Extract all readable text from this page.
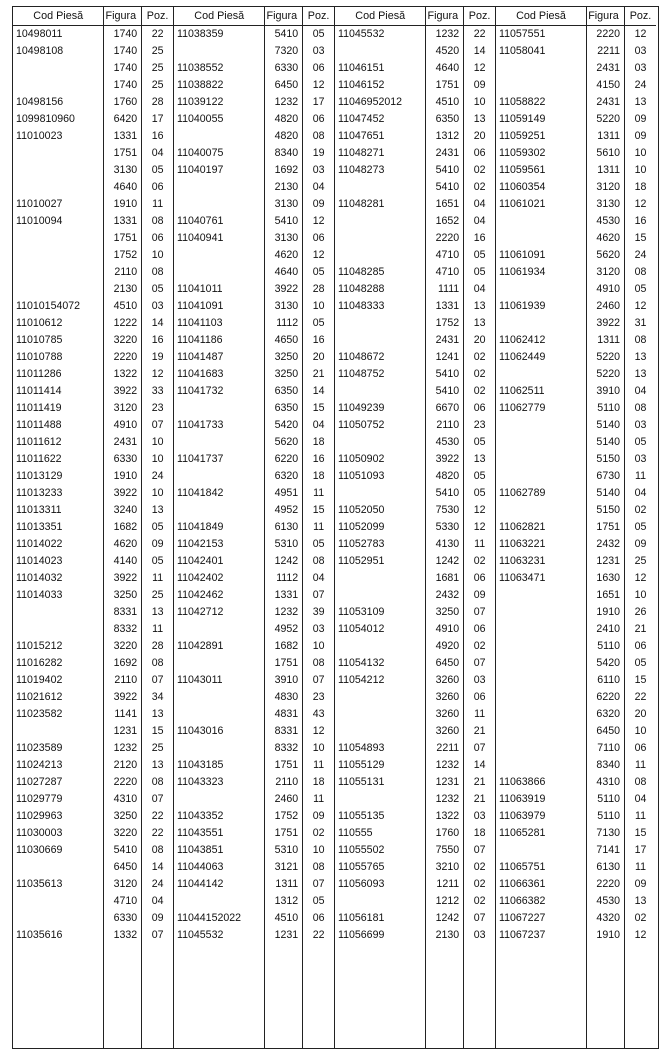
Cod Piesă	Figura Poz.
10498011	1740	22
10498108	1740	25
1740	25
1740	25
10498156	1760	28
1099810960	6420	17
11010023	1331	16
1751	04
3130	05
4640	06
11010027	1910	11
11010094	1331	08
1751	06
1752	10
2110	08
2130	05
11010154072	4510	03
11010612	1222	14
11010785	3220	16
11010788	2220	19
11011286	1322	12
11011414	3922	33
11011419	3120	23
11011488	4910	07
11011612	2431	10
11011622	6330	10
11013129	1910	24
11013233	3922	10
11013311	3240	13
11013351	1682	05
11014022	4620	09
11014023	4140	05
11014032	3922	11
11014033	3250	25
8331	13
8332	11
11015212	3220	28
11016282	1692	08
11019402	2110	07
11021612	3922	34
11023582	1141	13
1231	15
11023589	1232	25
11024213	2120	13
11027287	2220	08
11029779	4310	07
11029963	3250	22
11030003	3220	22
11030669	5410	08
6450	14
11035613	3120	24
4710	04
6330	09
11035616	1332	07
Cod Piesă	Figura Poz.
11038359	5410	05
7320	03
11038552	6330	06
11038822	6450	12
11039122	1232	17
11040055	4820	06
4820	08
11040075	8340	19
11040197	1692	03
2130	04
3130	09
11040761	5410	12
11040941	3130	06
4620	12
4640	05
11041011	3922	28
11041091	3130	10
11041103	1112	05
11041186	4650	16
11041487	3250	20
11041683	3250	21
11041732	6350	14
6350	15
11041733	5420	04
5620	18
11041737	6220	16
6320	18
11041842	4951	11
4952	15
11041849	6130	11
11042153	5310	05
11042401	1242	08
11042402	1112	04
11042462	1331	07
11042712	1232	39
4952	03
11042891	1682	10
1751	08
11043011	3910	07
4830	23
4831	43
11043016	8331	12
8332	10
11043185	1751	11
11043323	2110	18
2460	11
11043352	1752	09
11043551	1751	02
11043851	5310	10
11044063	3121	08
11044142	1311	07
1312	05
11044152022	4510	06
11045532	1231	22
Cod Piesă	Figura Poz.
11045532	1232	22
4520	14
11046151	4640	12
11046152	1751	09
11046952012	4510	10
11047452	6350	13
11047651	1312	20
11048271	2431	06
11048273	5410	02
5410	02
11048281	1651	04
1652	04
2220	16
4710	05
11048285	4710	05
11048288	1111	04
11048333	1331	13
1752	13
2431	20
11048672	1241	02
11048752	5410	02
5410	02
11049239	6670	06
11050752	2110	23
4530	05
11050902	3922	13
11051093	4820	05
5410	05
11052050	7530	12
11052099	5330	12
11052783	4130	11
11052951	1242	02
1681	06
2432	09
11053109	3250	07
11054012	4910	06
4920	02
11054132	6450	07
11054212	3260	03
3260	06
3260	11
3260	21
11054893	2211	07
11055129	1232	14
11055131	1231	21
1232	21
11055135	1322	03
110555	1760	18
11055502	7550	07
11055765	3210	02
11056093	1211	02
1212	02
11056181	1242	07
11056699	2130	03
Cod Piesă	Figura	Poz.
11057551	2220	12
11058041	2211	03
2431	03
4150	24
11058822	2431	13
11059149	5220	09
11059251	1311	09
11059302	5610	10
11059561	1311	10
11060354	3120	18
11061021	3130	12
4530	16
4620	15
11061091	5620	24
11061934	3120	08
4910	05
11061939	2460	12
3922	31
11062412	1311	08
11062449	5220	13
5220	13
11062511	3910	04
11062779	5110	08
5140	03
5140	05
5150	03
6730	11
11062789	5140	04
5150	02
11062821	1751	05
11063221	2432	09
11063231	1231	25
11063471	1630	12
1651	10
1910	26
2410	21
5110	06
5420	05
6110	15
6220	22
6320	20
6450	10
7110	06
8340	11
11063866	4310	08
11063919	5110	04
11063979	5110	11
11065281	7130	15
7141	17
11065751	6130	11
11066361	2220	09
11066382	4530	13
11067227	4320	02
11067237	1910	12
